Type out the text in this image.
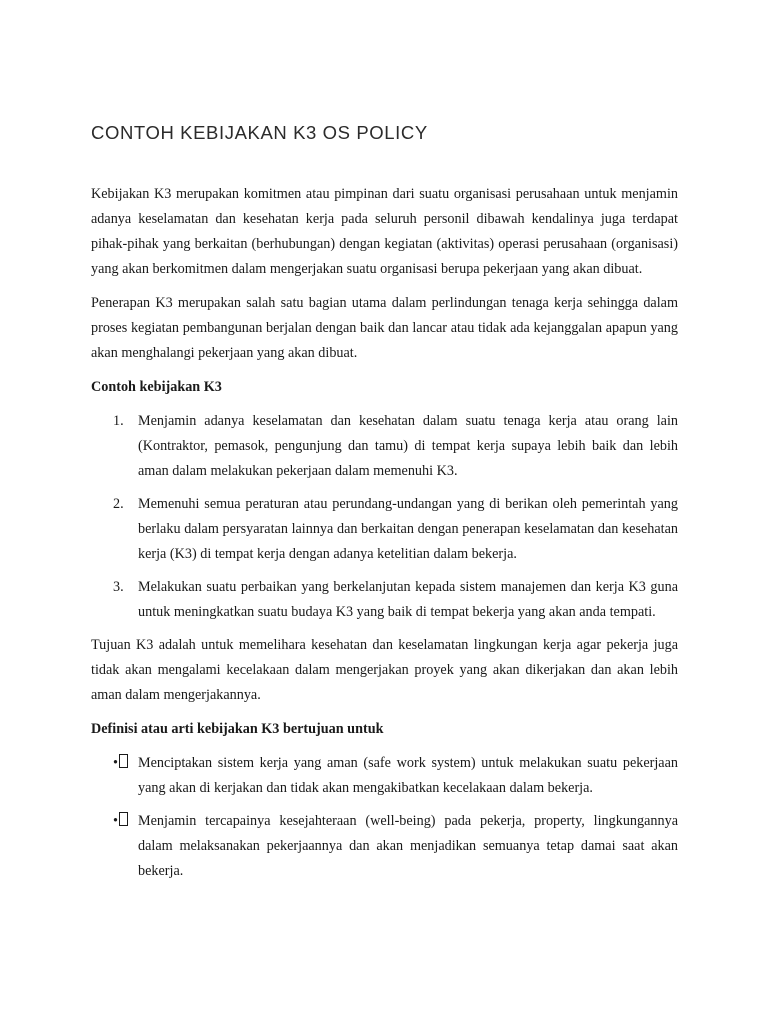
CONTOH KEBIJAKAN K3 OS POLICY

Kebijakan K3 merupakan komitmen atau pimpinan dari suatu organisasi perusahaan untuk menjamin adanya keselamatan dan kesehatan kerja pada seluruh personil dibawah kendalinya juga terdapat pihak-pihak yang berkaitan (berhubungan) dengan kegiatan (aktivitas) operasi perusahaan (organisasi) yang akan berkomitmen dalam mengerjakan suatu organisasi berupa pekerjaan yang akan dibuat.

Penerapan K3 merupakan salah satu bagian utama dalam perlindungan tenaga kerja sehingga dalam proses kegiatan pembangunan berjalan dengan baik dan lancar atau tidak ada kejanggalan apapun yang akan menghalangi pekerjaan yang akan dibuat.

Contoh kebijakan K3

1. Menjamin adanya keselamatan dan kesehatan dalam suatu tenaga kerja atau orang lain (Kontraktor, pemasok, pengunjung dan tamu) di tempat kerja supaya lebih baik dan lebih aman dalam melakukan pekerjaan dalam memenuhi K3.
2. Memenuhi semua peraturan atau perundang-undangan yang di berikan oleh pemerintah yang berlaku dalam persyaratan lainnya dan berkaitan dengan penerapan keselamatan dan kesehatan kerja (K3) di tempat kerja dengan adanya ketelitian dalam bekerja.
3. Melakukan suatu perbaikan yang berkelanjutan kepada sistem manajemen dan kerja K3 guna untuk meningkatkan suatu budaya K3 yang baik di tempat bekerja yang akan anda tempati.

Tujuan K3 adalah untuk memelihara kesehatan dan keselamatan lingkungan kerja agar pekerja juga tidak akan mengalami kecelakaan dalam mengerjakan proyek yang akan dikerjakan dan akan lebih aman dalam mengerjakannya.

Definisi atau arti kebijakan K3 bertujuan untuk

•	Menciptakan sistem kerja yang aman (safe work system) untuk melakukan suatu pekerjaan yang akan di kerjakan dan tidak akan mengakibatkan kecelakaan dalam bekerja.
•	Menjamin tercapainya kesejahteraan (well-being) pada pekerja, property, lingkungannya dalam melaksanakan pekerjaannya dan akan menjadikan semuanya tetap damai saat akan bekerja.
